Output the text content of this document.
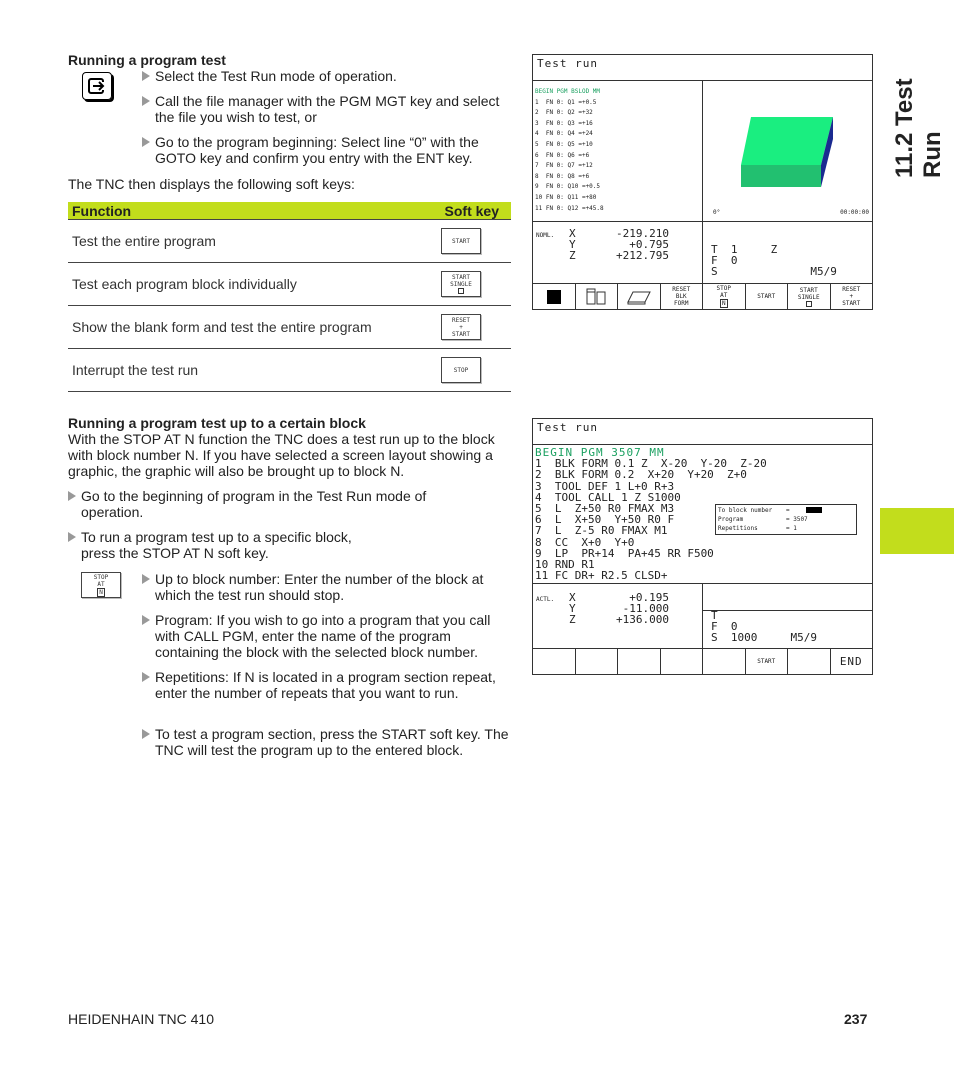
11.2 Test Run
Running a program test
Select the Test Run mode of operation.
Call the file manager with the PGM MGT key and select the file you wish to test, or
Go to the program beginning: Select line “0” with the GOTO key and confirm you entry with the ENT key.
The TNC then displays the following soft keys:
Function	Soft key
Test the entire program	START
Test each program block individually	START
SINGLE
Show the blank form and test the entire program	RESET
+
START
Interrupt the test run	STOP
Test run
BEGIN PGM BSLOD MM
1  FN 0: Q1 =+0.5
2  FN 0: Q2 =+32
3  FN 0: Q3 =+16
4  FN 0: Q4 =+24
5  FN 0: Q5 =+10
6  FN 0: Q6 =+6
7  FN 0: Q7 =+12
8  FN 0: Q8 =+6
9  FN 0: Q10 =+0.5
10 FN 0: Q11 =+80
11 FN 0: Q12 =+45.8
0°	00:00:00
NOML. X	-219.210
Y	+0.795
Z	+212.795	T  1     Z
F  0
S              M5/9
RESET
BLK
FORM
STOP
AT
N
START
START
SINGLE
RESET
+
START
Running a program test up to a certain block
With the STOP AT N function the TNC does a test run up to the block with block number N. If you have selected a screen layout showing a graphic, the graphic will also be brought up to block N.
Go to the beginning of program in the Test Run mode of operation.
To run a program test up to a specific block, press the STOP AT N soft key.
STOP
AT
N
Up to block number: Enter the number of the block at which the test run should stop.
Program: If you wish to go into a program that you call with CALL PGM, enter the name of the program containing the block with the selected block number.
Repetitions: If N is located in a program section repeat, enter the number of repeats that you want to run.
To test a program section, press the START soft key. The TNC will test the program up to the entered block.
Test run
BEGIN PGM 3507 MM
1  BLK FORM 0.1 Z  X-20  Y-20  Z-20
2  BLK FORM 0.2  X+20  Y+20  Z+0
3  TOOL DEF 1 L+0 R+3
4  TOOL CALL 1 Z S1000
5  L  Z+50 R0 FMAX M3
6  L  X+50  Y+50 R0 F
7  L  Z-5 R0 FMAX M1
8  CC  X+0  Y+0
9  LP  PR+14  PA+45 RR F500
10 RND R1
11 FC DR+ R2.5 CLSD+
To block number	=
Program	= 3507
Repetitions	= 1
ACTL. X	+0.195
Y	-11.000
Z	+136.000	T
F  0
S  1000     M5/9
START	END
HEIDENHAIN TNC 410	237
